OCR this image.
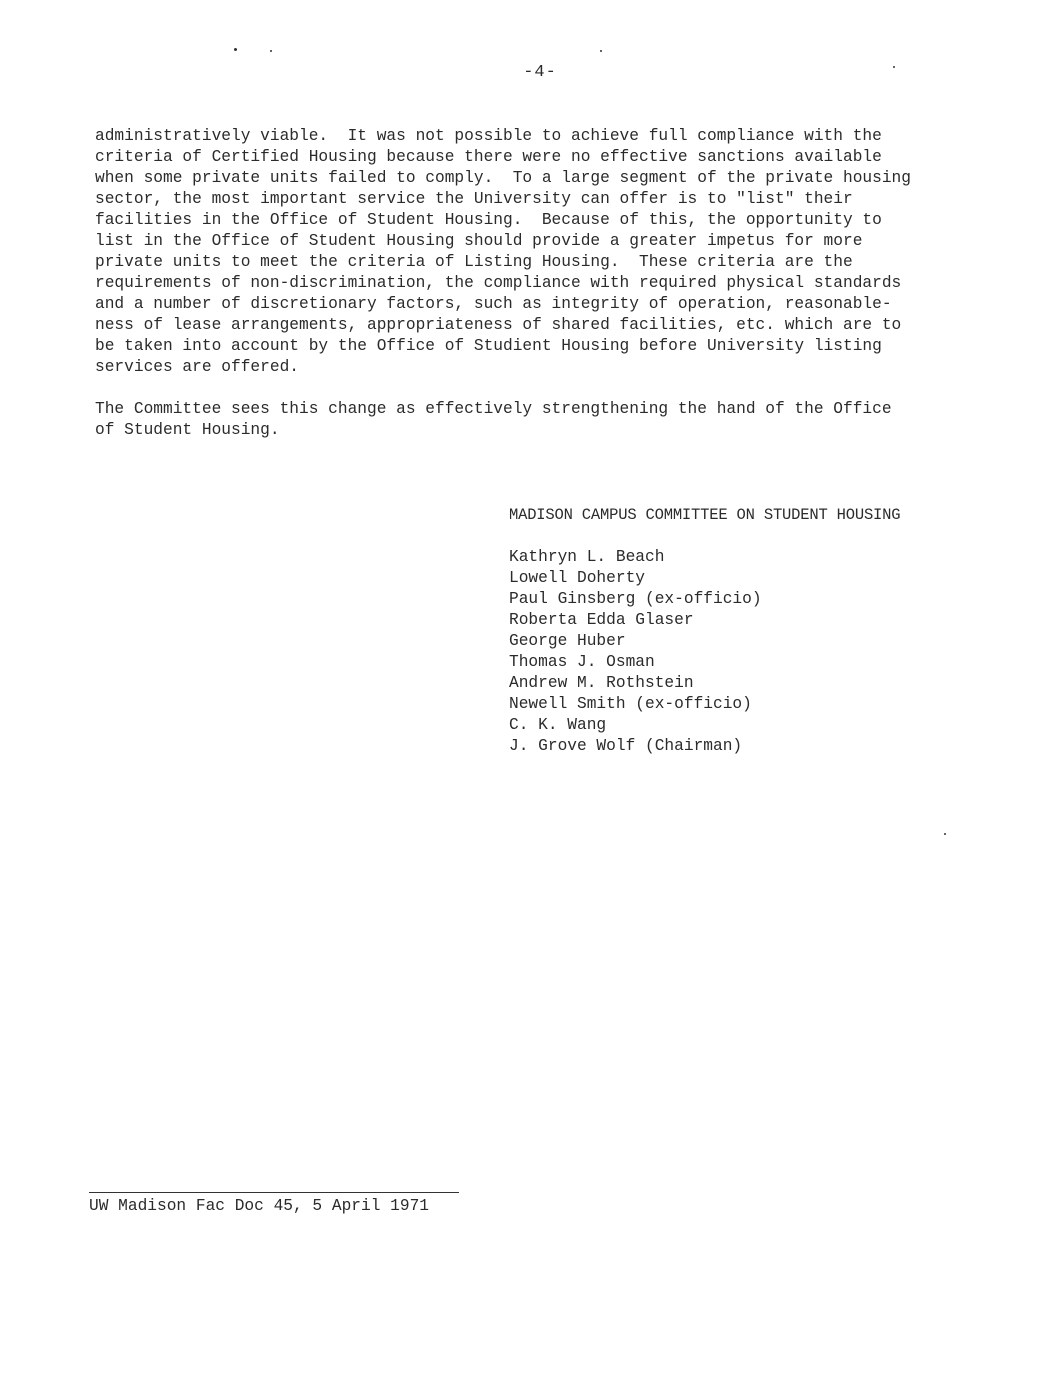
-4-
administratively viable.  It was not possible to achieve full compliance with the
criteria of Certified Housing because there were no effective sanctions available
when some private units failed to comply.  To a large segment of the private housing
sector, the most important service the University can offer is to "list" their
facilities in the Office of Student Housing.  Because of this, the opportunity to
list in the Office of Student Housing should provide a greater impetus for more
private units to meet the criteria of Listing Housing.  These criteria are the
requirements of non-discrimination, the compliance with required physical standards
and a number of discretionary factors, such as integrity of operation, reasonable-
ness of lease arrangements, appropriateness of shared facilities, etc. which are to
be taken into account by the Office of Studient Housing before University listing
services are offered.
The Committee sees this change as effectively strengthening the hand of the Office
of Student Housing.
MADISON CAMPUS COMMITTEE ON STUDENT HOUSING
Kathryn L. Beach
Lowell Doherty
Paul Ginsberg (ex-officio)
Roberta Edda Glaser
George Huber
Thomas J. Osman
Andrew M. Rothstein
Newell Smith (ex-officio)
C. K. Wang
J. Grove Wolf (Chairman)
UW Madison Fac Doc 45, 5 April 1971
